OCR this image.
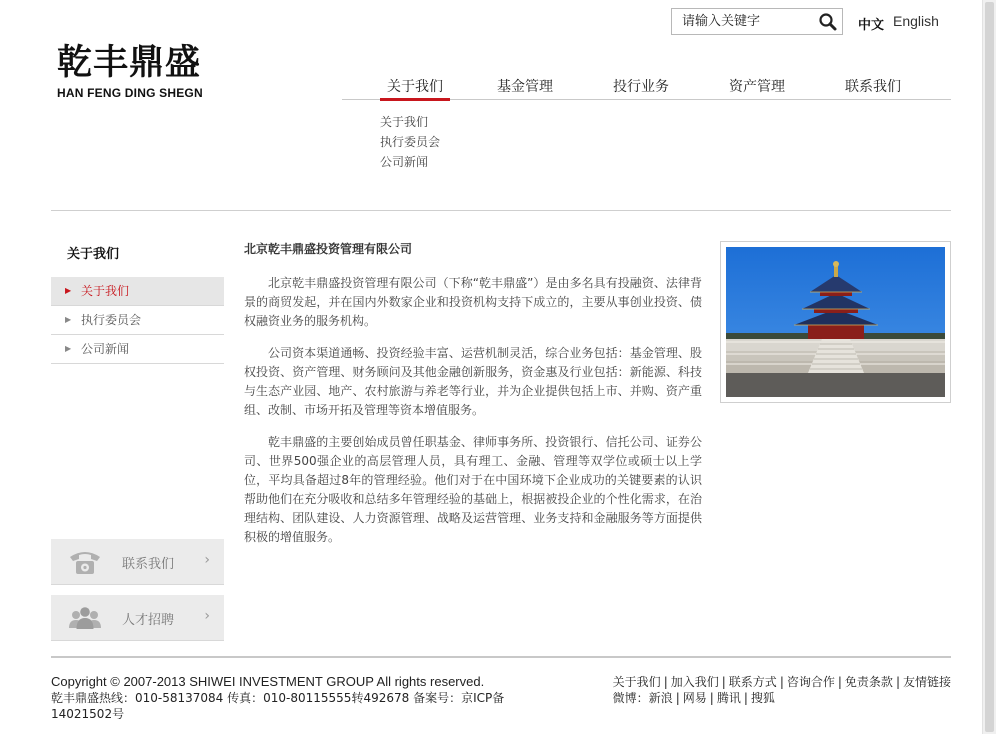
乾丰鼎盛
HAN FENG DING SHEGN
请输入关键字
中文 English
关于我们	基金管理	投行业务	资产管理	联系我们
关于我们
执行委员会
公司新闻
关于我们
▶ 关于我们
▶ 执行委员会
▶ 公司新闻
联系我们 ›
人才招聘 ›
北京乾丰鼎盛投资管理有限公司

北京乾丰鼎盛投资管理有限公司（下称“乾丰鼎盛”）是由多名具有投融资、法律背景的商贸发起，并在国内外数家企业和投资机构支持下成立的，主要从事创业投资、债权融资业务的服务机构。

公司资本渠道通畅、投资经验丰富、运营机制灵活，综合业务包括：基金管理、股权投资、资产管理、财务顾问及其他金融创新服务，资金惠及行业包括：新能源、科技与生态产业园、地产、农村旅游与养老等行业，并为企业提供包括上市、并购、资产重组、改制、市场开拓及管理等资本增值服务。

乾丰鼎盛的主要创始成员曾任职基金、律师事务所、投资银行、信托公司、证券公司、世界500强企业的高层管理人员，具有理工、金融、管理等双学位或硕士以上学位，平均具备超过8年的管理经验。他们对于在中国环境下企业成功的关键要素的认识帮助他们在充分吸收和总结多年管理经验的基础上，根据被投企业的个性化需求，在治理结构、团队建设、人力资源管理、战略及运营管理、业务支持和金融服务等方面提供积极的增值服务。

Copyright © 2007-2013 SHIWEI INVESTMENT GROUP All rights reserved.
乾丰鼎盛热线：010-58137084 传真：010-80115555转492678 备案号：京ICP备14021502号
关于我们 | 加入我们 | 联系方式 | 咨询合作 | 免责条款 | 友情链接
微博：新浪 | 网易 | 腾讯 | 搜狐
